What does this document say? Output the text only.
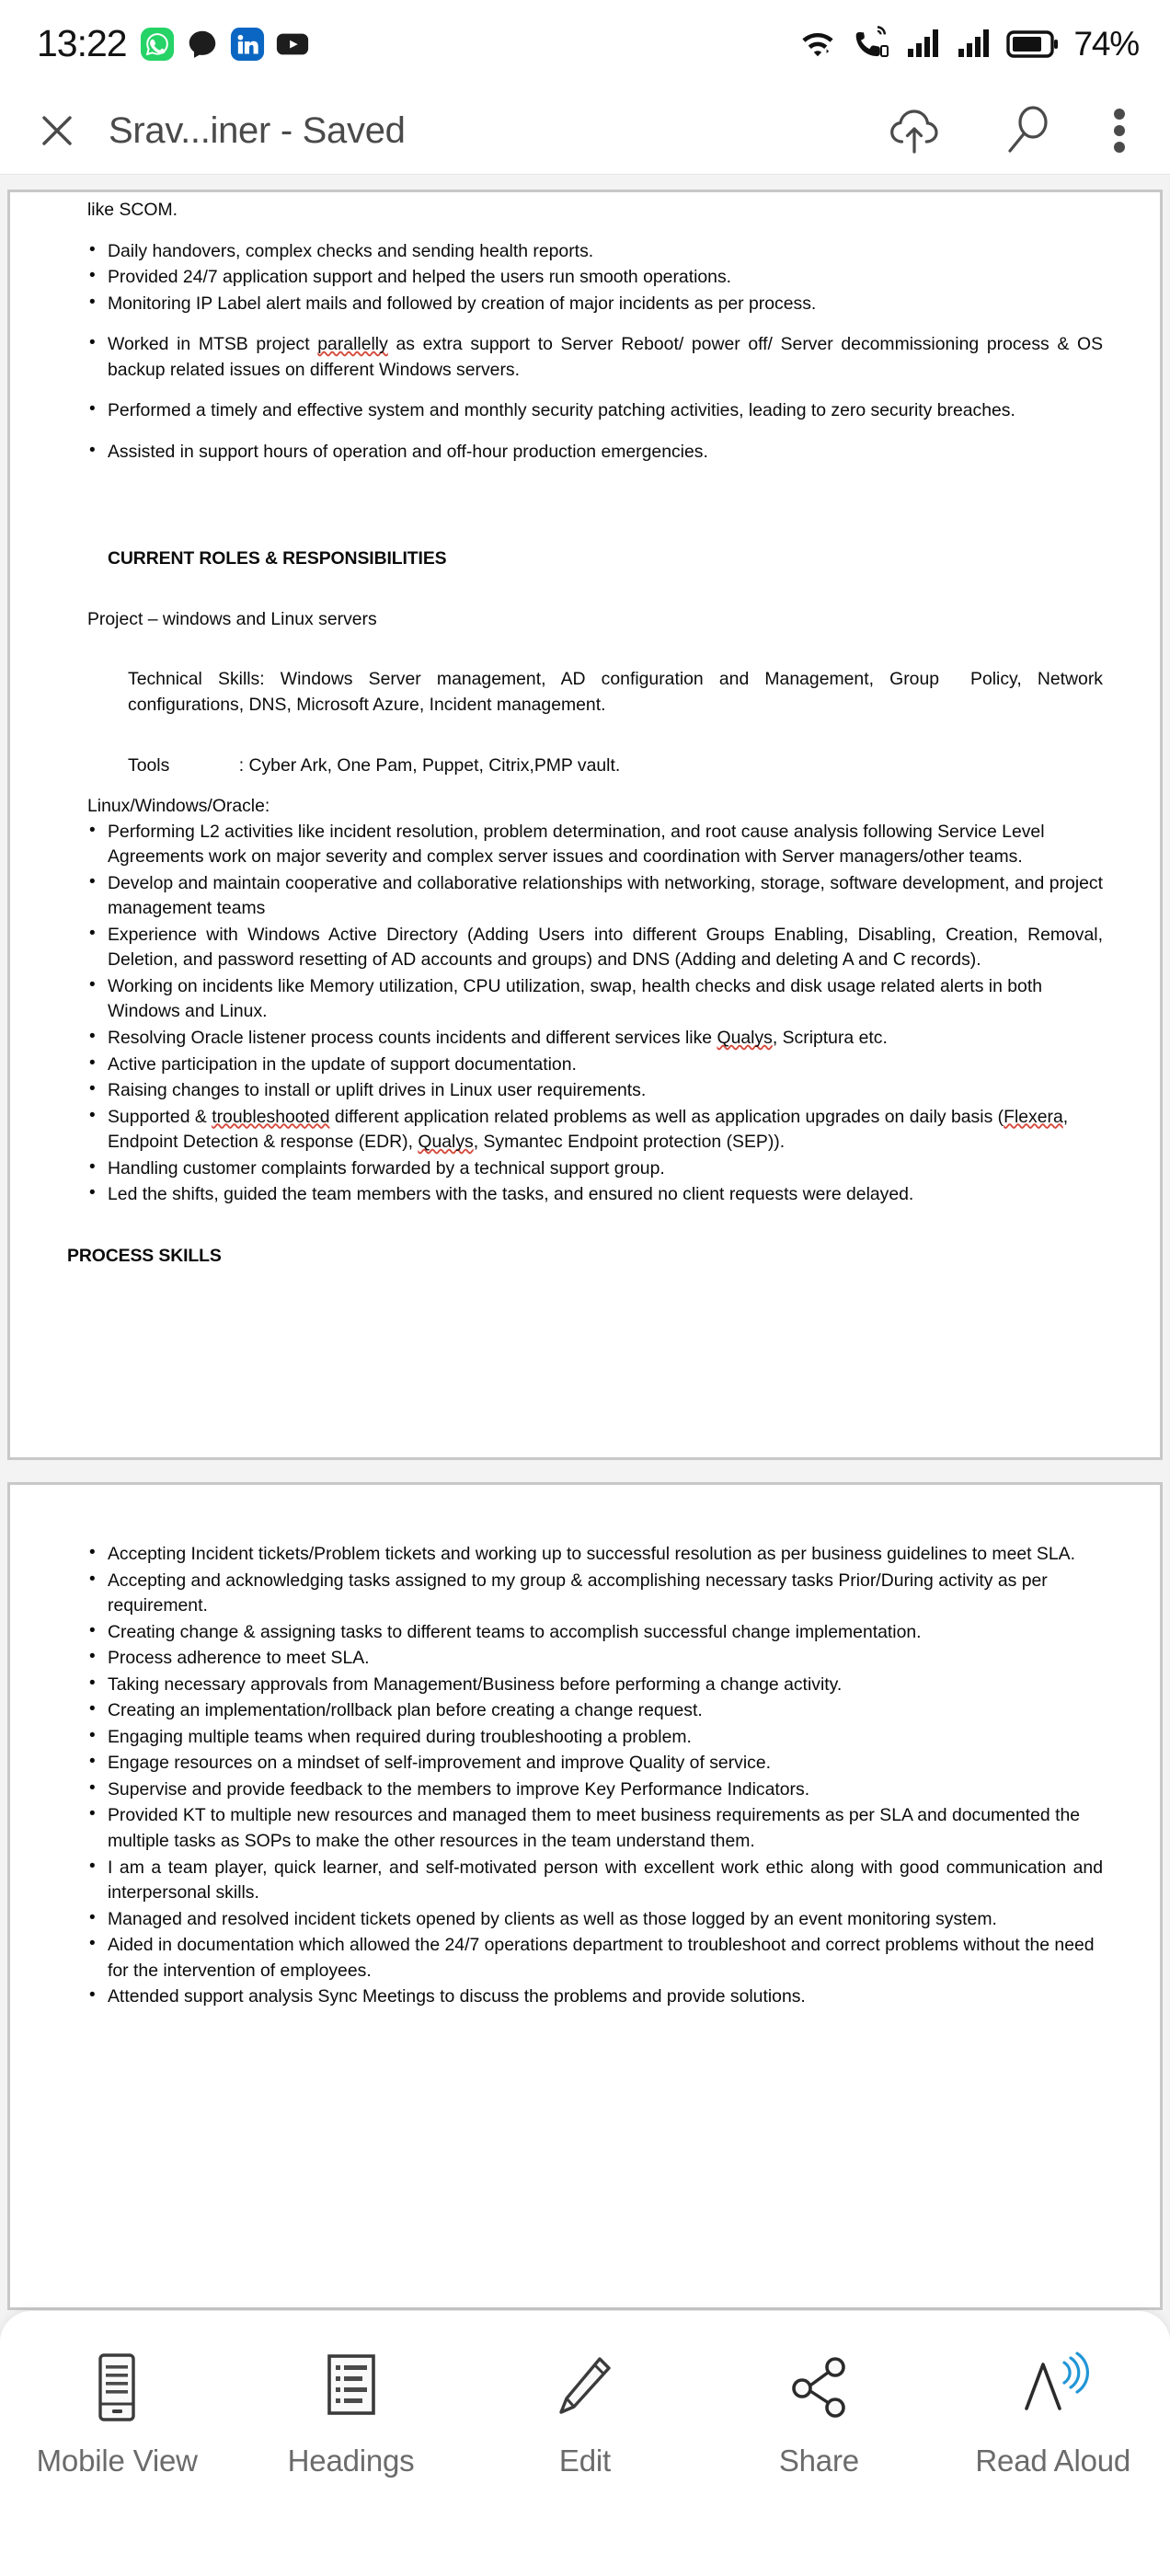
13:22	74%
Srav...iner - Saved
like SCOM.
• Daily handovers, complex checks and sending health reports.
• Provided 24/7 application support and helped the users run smooth operations.
• Monitoring IP Label alert mails and followed by creation of major incidents as per process.
• Worked in MTSB project parallelly as extra support to Server Reboot/ power off/ Server decommissioning process & OS backup related issues on different Windows servers.
• Performed a timely and effective system and monthly security patching activities, leading to zero security breaches.
• Assisted in support hours of operation and off-hour production emergencies.
CURRENT ROLES & RESPONSIBILITIES
Project – windows and Linux servers
Technical Skills: Windows Server management, AD configuration and Management, Group Policy, Network configurations, DNS, Microsoft Azure, Incident management.
Tools              : Cyber Ark, One Pam, Puppet, Citrix,PMP vault.
Linux/Windows/Oracle:
• Performing L2 activities like incident resolution, problem determination, and root cause analysis following Service Level Agreements work on major severity and complex server issues and coordination with Server managers/other teams.
• Develop and maintain cooperative and collaborative relationships with networking, storage, software development, and project management teams
• Experience with Windows Active Directory (Adding Users into different Groups Enabling, Disabling, Creation, Removal, Deletion, and password resetting of AD accounts and groups) and DNS (Adding and deleting A and C records).
• Working on incidents like Memory utilization, CPU utilization, swap, health checks and disk usage related alerts in both Windows and Linux.
• Resolving Oracle listener process counts incidents and different services like Qualys, Scriptura etc.
• Active participation in the update of support documentation.
• Raising changes to install or uplift drives in Linux user requirements.
• Supported & troubleshooted different application related problems as well as application upgrades on daily basis (Flexera, Endpoint Detection & response (EDR), Qualys, Symantec Endpoint protection (SEP)).
• Handling customer complaints forwarded by a technical support group.
• Led the shifts, guided the team members with the tasks, and ensured no client requests were delayed.
PROCESS SKILLS
• Accepting Incident tickets/Problem tickets and working up to successful resolution as per business guidelines to meet SLA.
• Accepting and acknowledging tasks assigned to my group & accomplishing necessary tasks Prior/During activity as per requirement.
• Creating change & assigning tasks to different teams to accomplish successful change implementation.
• Process adherence to meet SLA.
• Taking necessary approvals from Management/Business before performing a change activity.
• Creating an implementation/rollback plan before creating a change request.
• Engaging multiple teams when required during troubleshooting a problem.
• Engage resources on a mindset of self-improvement and improve Quality of service.
• Supervise and provide feedback to the members to improve Key Performance Indicators.
• Provided KT to multiple new resources and managed them to meet business requirements as per SLA and documented the multiple tasks as SOPs to make the other resources in the team understand them.
• I am a team player, quick learner, and self-motivated person with excellent work ethic along with good communication and interpersonal skills.
• Managed and resolved incident tickets opened by clients as well as those logged by an event monitoring system.
• Aided in documentation which allowed the 24/7 operations department to troubleshoot and correct problems without the need for the intervention of employees.
• Attended support analysis Sync Meetings to discuss the problems and provide solutions.
Mobile View	Headings	Edit	Share	Read Aloud
